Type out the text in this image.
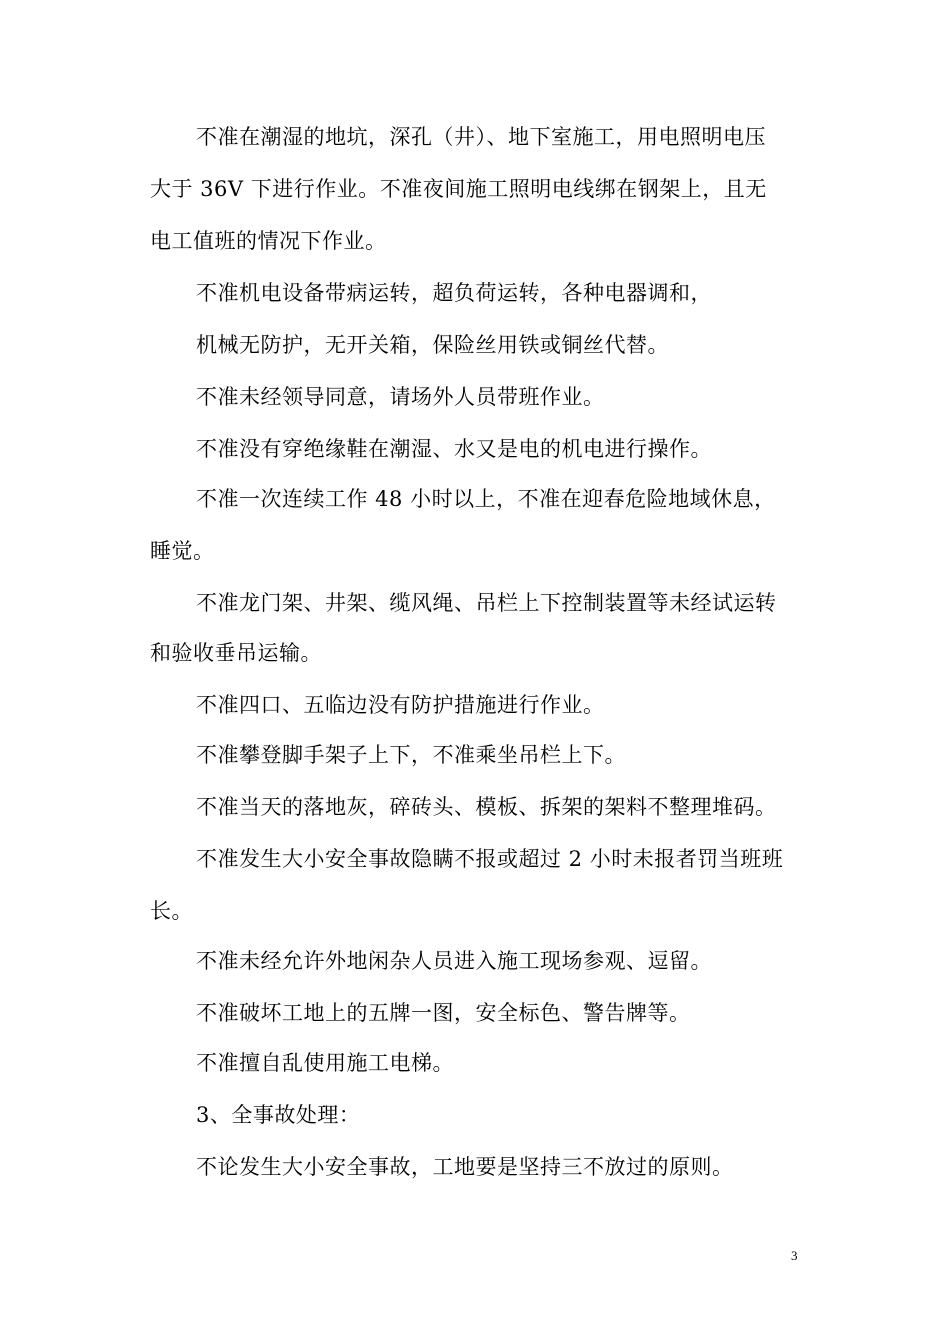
不准在潮湿的地坑，深孔（井）、地下室施工，用电照明电压
大于 36V 下进行作业。不准夜间施工照明电线绑在钢架上，且无
电工值班的情况下作业。
不准机电设备带病运转，超负荷运转，各种电器调和，
机械无防护，无开关箱，保险丝用铁或铜丝代替。
不准未经领导同意，请场外人员带班作业。
不准没有穿绝缘鞋在潮湿、水又是电的机电进行操作。
不准一次连续工作 48 小时以上，不准在迎春危险地域休息，
睡觉。
不准龙门架、井架、缆风绳、吊栏上下控制装置等未经试运转
和验收垂吊运输。
不准四口、五临边没有防护措施进行作业。
不准攀登脚手架子上下，不准乘坐吊栏上下。
不准当天的落地灰，碎砖头、模板、拆架的架料不整理堆码。
不准发生大小安全事故隐瞒不报或超过 2 小时未报者罚当班班
长。
不准未经允许外地闲杂人员进入施工现场参观、逗留。
不准破坏工地上的五牌一图，安全标色、警告牌等。
不准擅自乱使用施工电梯。
3、全事故处理：
不论发生大小安全事故，工地要是坚持三不放过的原则。
3
